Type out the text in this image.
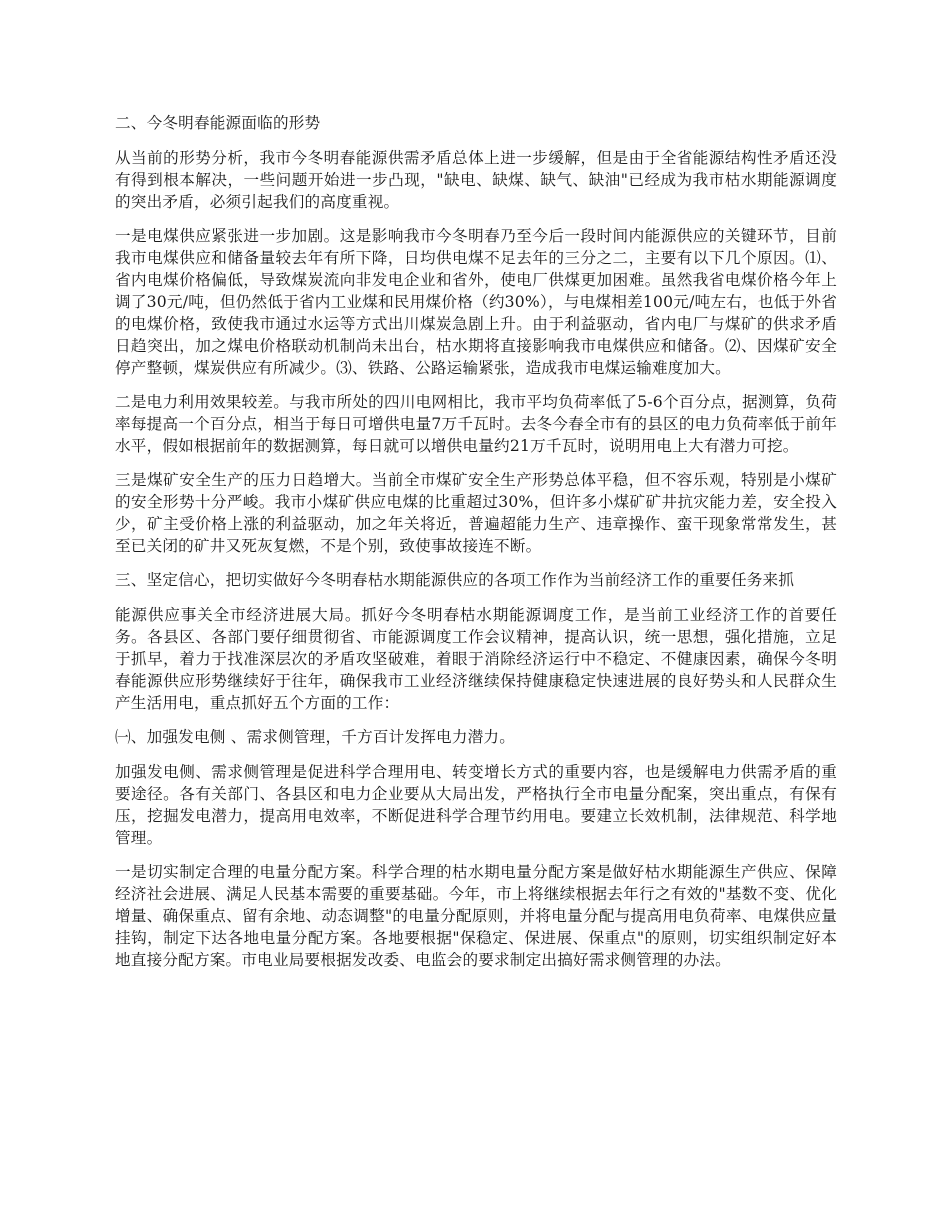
二、今冬明春能源面临的形势

从当前的形势分析，我市今冬明春能源供需矛盾总体上进一步缓解，但是由于全省能源结构性矛盾还没有得到根本解决，一些问题开始进一步凸现，"缺电、缺煤、缺气、缺油"已经成为我市枯水期能源调度的突出矛盾，必须引起我们的高度重视。

一是电煤供应紧张进一步加剧。这是影响我市今冬明春乃至今后一段时间内能源供应的关键环节，目前我市电煤供应和储备量较去年有所下降，日均供电煤不足去年的三分之二，主要有以下几个原因。⑴、省内电煤价格偏低，导致煤炭流向非发电企业和省外，使电厂供煤更加困难。虽然我省电煤价格今年上调了30元/吨，但仍然低于省内工业煤和民用煤价格（约30%），与电煤相差100元/吨左右，也低于外省的电煤价格，致使我市通过水运等方式出川煤炭急剧上升。由于利益驱动，省内电厂与煤矿的供求矛盾日趋突出，加之煤电价格联动机制尚未出台，枯水期将直接影响我市电煤供应和储备。⑵、因煤矿安全停产整顿，煤炭供应有所减少。⑶、铁路、公路运输紧张，造成我市电煤运输难度加大。

二是电力利用效果较差。与我市所处的四川电网相比，我市平均负荷率低了5-6个百分点，据测算，负荷率每提高一个百分点，相当于每日可增供电量7万千瓦时。去冬今春全市有的县区的电力负荷率低于前年水平，假如根据前年的数据测算，每日就可以增供电量约21万千瓦时，说明用电上大有潜力可挖。

三是煤矿安全生产的压力日趋增大。当前全市煤矿安全生产形势总体平稳，但不容乐观，特别是小煤矿的安全形势十分严峻。我市小煤矿供应电煤的比重超过30%，但许多小煤矿矿井抗灾能力差，安全投入少，矿主受价格上涨的利益驱动，加之年关将近，普遍超能力生产、违章操作、蛮干现象常常发生，甚至已关闭的矿井又死灰复燃，不是个别，致使事故接连不断。

三、坚定信心，把切实做好今冬明春枯水期能源供应的各项工作作为当前经济工作的重要任务来抓

能源供应事关全市经济进展大局。抓好今冬明春枯水期能源调度工作，是当前工业经济工作的首要任务。各县区、各部门要仔细贯彻省、市能源调度工作会议精神，提高认识，统一思想，强化措施，立足于抓早，着力于找准深层次的矛盾攻坚破难，着眼于消除经济运行中不稳定、不健康因素，确保今冬明春能源供应形势继续好于往年，确保我市工业经济继续保持健康稳定快速进展的良好势头和人民群众生产生活用电，重点抓好五个方面的工作：

㈠、加强发电侧 、需求侧管理，千方百计发挥电力潜力。

加强发电侧、需求侧管理是促进科学合理用电、转变增长方式的重要内容，也是缓解电力供需矛盾的重要途径。各有关部门、各县区和电力企业要从大局出发，严格执行全市电量分配案，突出重点，有保有压，挖掘发电潜力，提高用电效率，不断促进科学合理节约用电。要建立长效机制，法律规范、科学地管理。

一是切实制定合理的电量分配方案。科学合理的枯水期电量分配方案是做好枯水期能源生产供应、保障经济社会进展、满足人民基本需要的重要基础。今年，市上将继续根据去年行之有效的"基数不变、优化增量、确保重点、留有余地、动态调整"的电量分配原则，并将电量分配与提高用电负荷率、电煤供应量挂钩，制定下达各地电量分配方案。各地要根据"保稳定、保进展、保重点"的原则，切实组织制定好本地直接分配方案。市电业局要根据发改委、电监会的要求制定出搞好需求侧管理的办法。
